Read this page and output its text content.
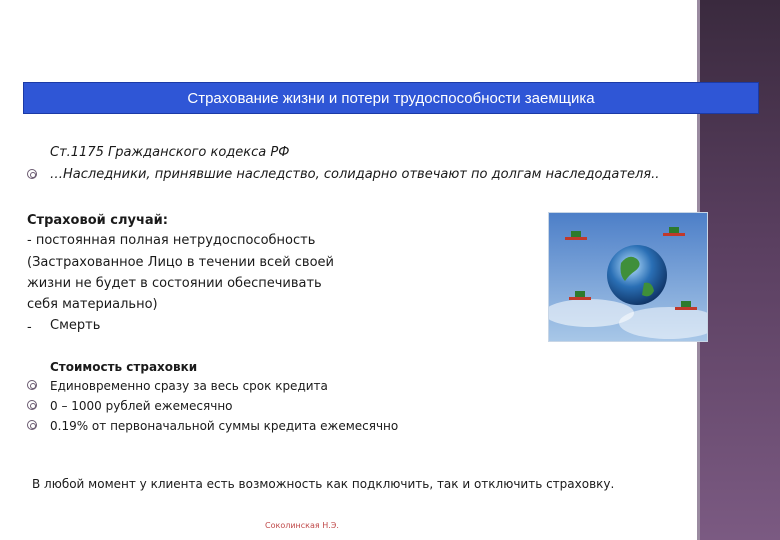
Страхование жизни и потери трудоспособности заемщика
Ст.1175 Гражданского кодекса РФ
…Наследники, принявшие наследство, солидарно отвечают по долгам наследодателя..
Страховой случай:
- постоянная полная нетрудоспособность
(Застрахованное Лицо в течении всей своей
жизни не будет в состоянии обеспечивать
себя материально)
- Смерть
Стоимость страховки
Единовременно сразу за весь срок кредита
0 – 1000 рублей ежемесячно
0.19% от первоначальной суммы кредита ежемесячно
В любой момент у клиента есть возможность как подключить, так и отключить страховку.
Соколинская Н.Э.
